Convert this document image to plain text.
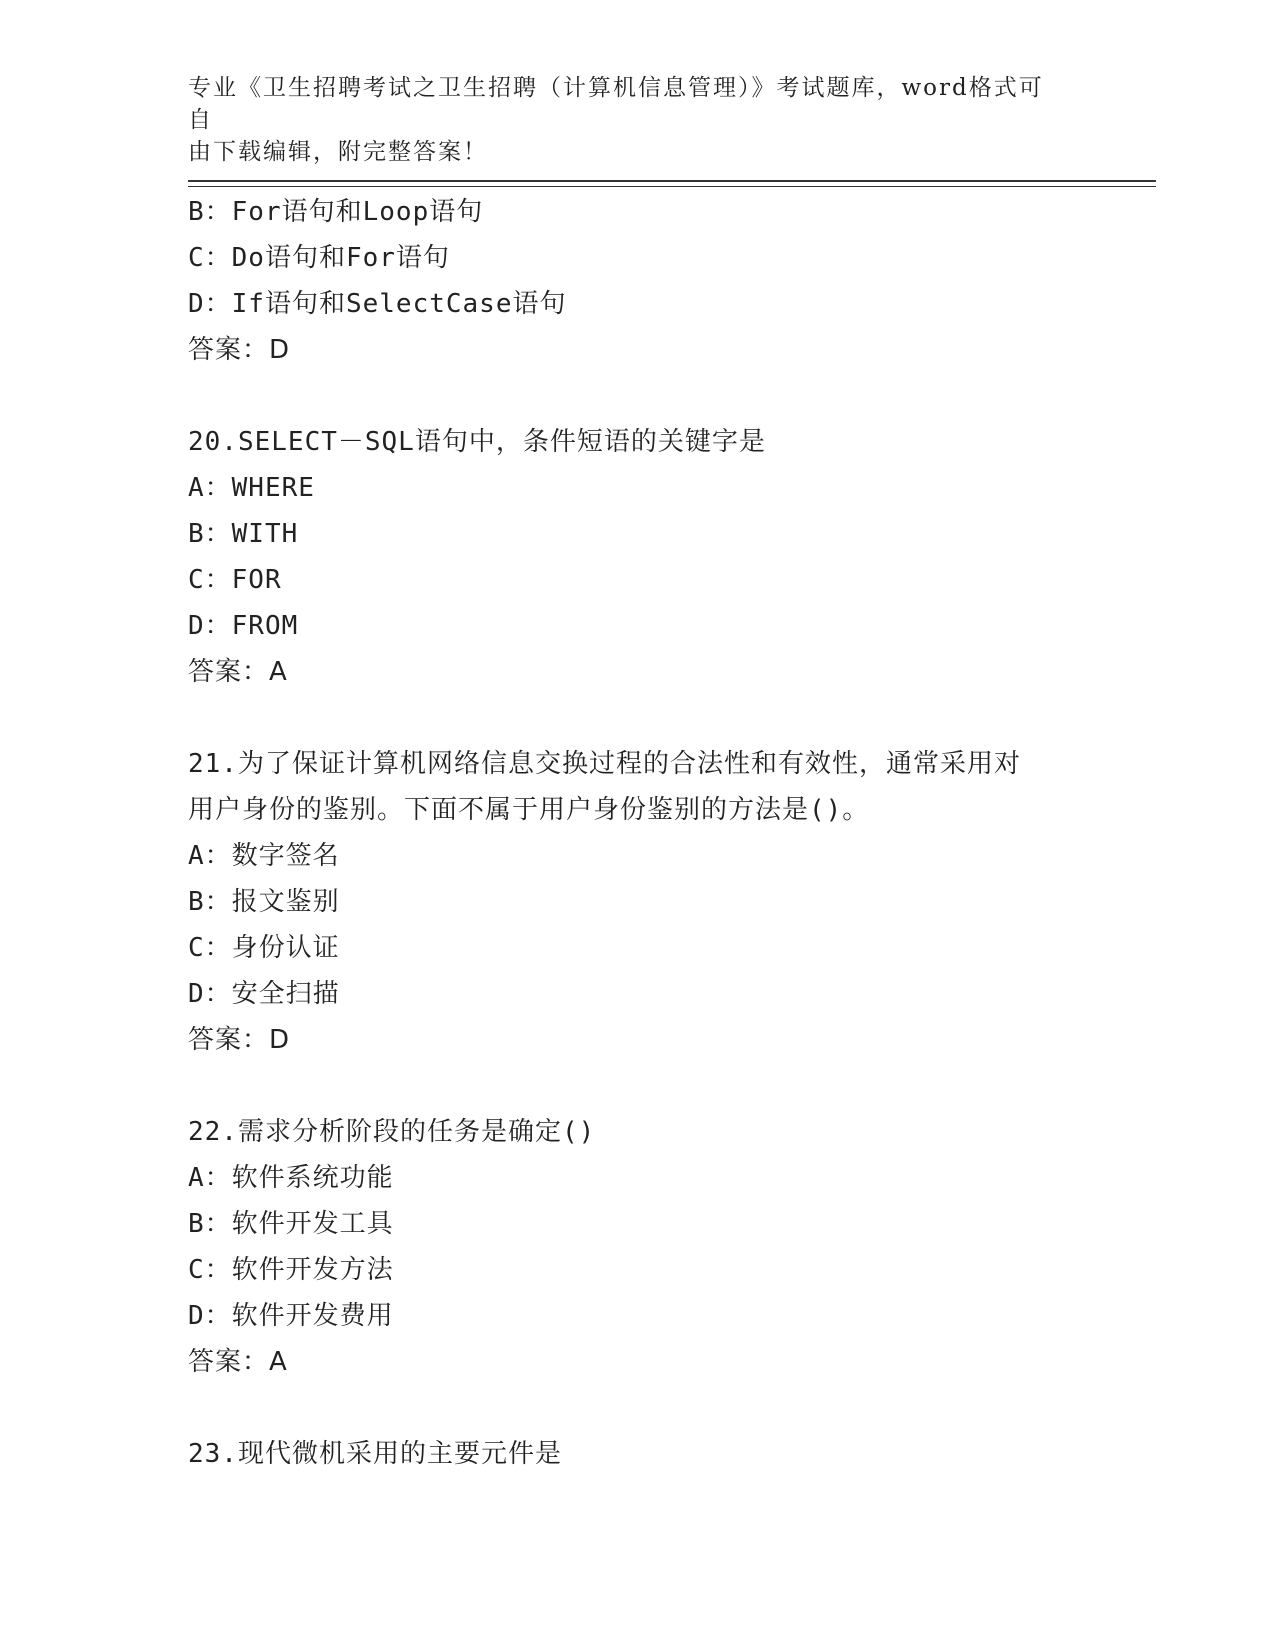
专业《卫生招聘考试之卫生招聘（计算机信息管理）》考试题库，word格式可自
由下载编辑，附完整答案！
B：For语句和Loop语句
C：Do语句和For语句
D：If语句和SelectCase语句
答案：D
20.SELECT－SQL语句中，条件短语的关键字是
A：WHERE
B：WITH
C：FOR
D：FROM
答案：A
21.为了保证计算机网络信息交换过程的合法性和有效性，通常采用对
用户身份的鉴别。下面不属于用户身份鉴别的方法是()。
A：数字签名
B：报文鉴别
C：身份认证
D：安全扫描
答案：D
22.需求分析阶段的任务是确定()
A：软件系统功能
B：软件开发工具
C：软件开发方法
D：软件开发费用
答案：A
23.现代微机采用的主要元件是
